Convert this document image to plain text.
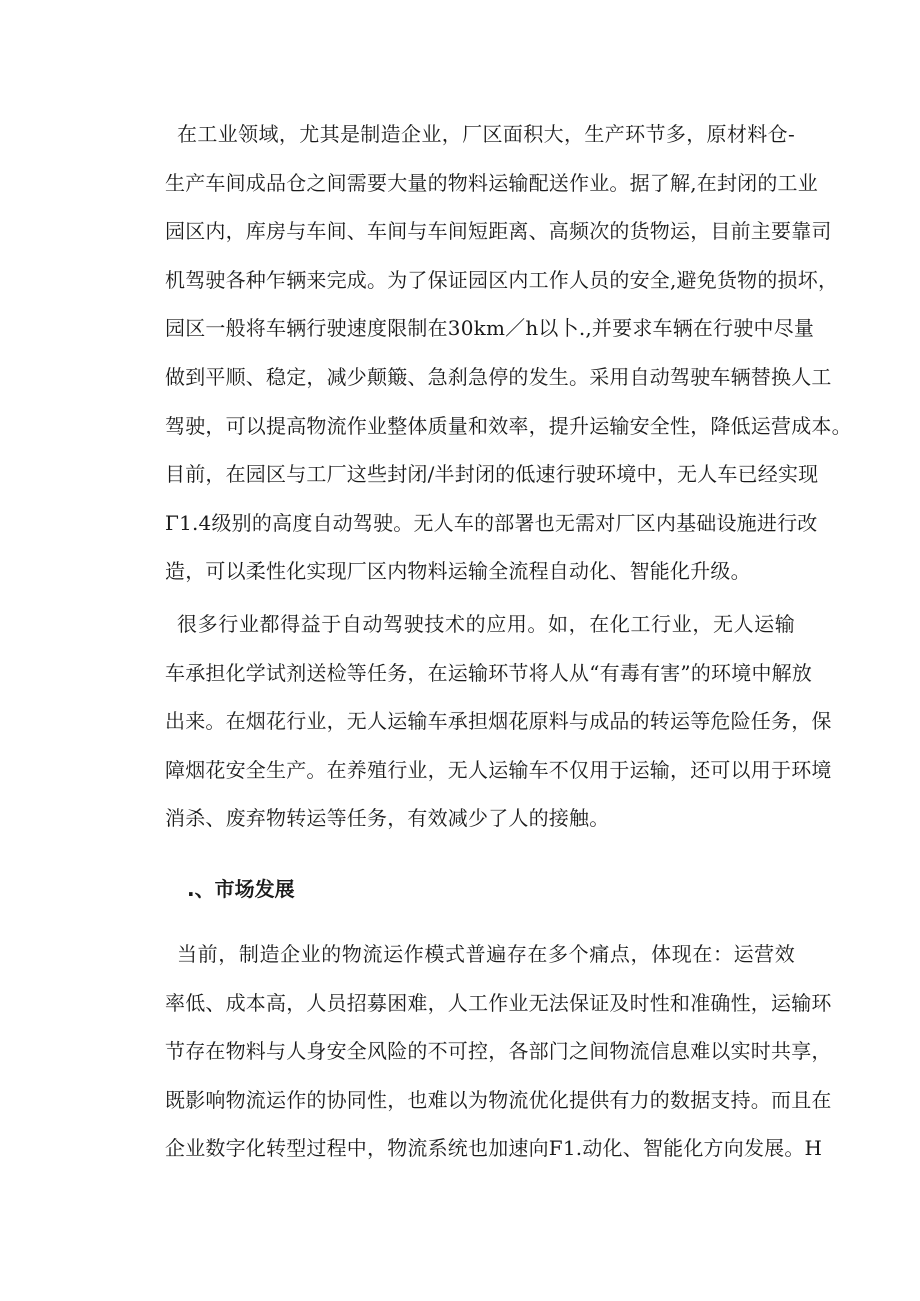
在工业领域，尤其是制造企业，厂区面积大，生产环节多，原材料仓-
生产车间成品仓之间需要大量的物料运输配送作业。据了解,在封闭的工业
园区内，库房与车间、车间与车间短距离、高频次的货物运，目前主要靠司
机驾驶各种乍辆来完成。为了保证园区内工作人员的安全,避免货物的损坏，
园区一般将车辆行驶速度限制在30km／h以卜.,并要求车辆在行驶中尽量
做到平顺、稳定，减少颠簸、急刹急停的发生。采用自动驾驶车辆替换人工
驾驶，可以提高物流作业整体质量和效率，提升运输安全性，降低运营成本。
目前，在园区与工厂这些封闭/半封闭的低速行驶环境中，无人车已经实现
Γ1.4级别的高度自动驾驶。无人车的部署也无需对厂区内基础设施进行改
造，可以柔性化实现厂区内物料运输全流程自动化、智能化升级。
很多行业都得益于自动驾驶技术的应用。如，在化工行业，无人运输
车承担化学试剂送检等任务，在运输环节将人从“有毒有害”的环境中解放
出来。在烟花行业，无人运输车承担烟花原料与成品的转运等危险任务，保
障烟花安全生产。在养殖行业，无人运输车不仅用于运输，还可以用于环境
消杀、废弃物转运等任务，有效减少了人的接触。
.、市场发展
当前，制造企业的物流运作模式普遍存在多个痛点，体现在：运营效
率低、成本高，人员招募困难，人工作业无法保证及时性和准确性，运输环
节存在物料与人身安全风险的不可控，各部门之间物流信息难以实时共享，
既影响物流运作的协同性，也难以为物流优化提供有力的数据支持。而且在
企业数字化转型过程中，物流系统也加速向F1.动化、智能化方向发展。H
